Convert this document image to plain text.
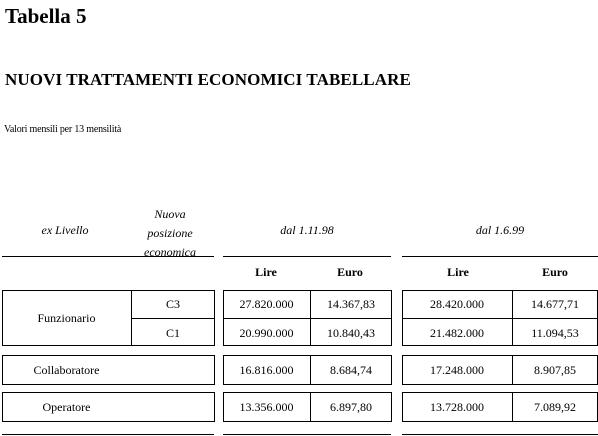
Tabella 5
NUOVI TRATTAMENTI ECONOMICI TABELLARE
Valori mensili per 13 mensilità
ex Livello
Nuova
posizione
economica
dal 1.11.98	dal 1.6.99
Lire	Euro	Lire	Euro
Funzionario
C3	27.820.000	14.367,83	28.420.000	14.677,71
C1	20.990.000	10.840,43	21.482.000	11.094,53
Collaboratore	16.816.000	8.684,74	17.248.000	8.907,85
Operatore	13.356.000	6.897,80	13.728.000	7.089,92
